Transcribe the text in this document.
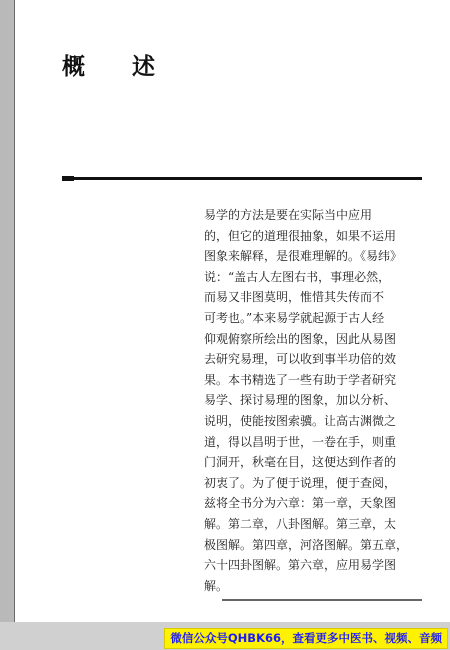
概 述
易学的方法是要在实际当中应用
的，但它的道理很抽象，如果不运用
图象来解释，是很难理解的。《易纬》
说：“盖古人左图右书，事理必然，
而易又非图莫明，惟惜其失传而不
可考也。”本来易学就起源于古人经
仰观俯察所绘出的图象，因此从易图
去研究易理，可以收到事半功倍的效
果。本书精选了一些有助于学者研究
易学、探讨易理的图象，加以分析、
说明，使能按图索骥。让高古渊微之
道，得以昌明于世，一卷在手，则重
门洞开，秋毫在目，这便达到作者的
初衷了。为了便于说理，便于查阅，
兹将全书分为六章：第一章，天象图
解。第二章，八卦图解。第三章，太
极图解。第四章，河洛图解。第五章，
六十四卦图解。第六章，应用易学图
解。
微信公众号QHBK66，查看更多中医书、视频、音频
